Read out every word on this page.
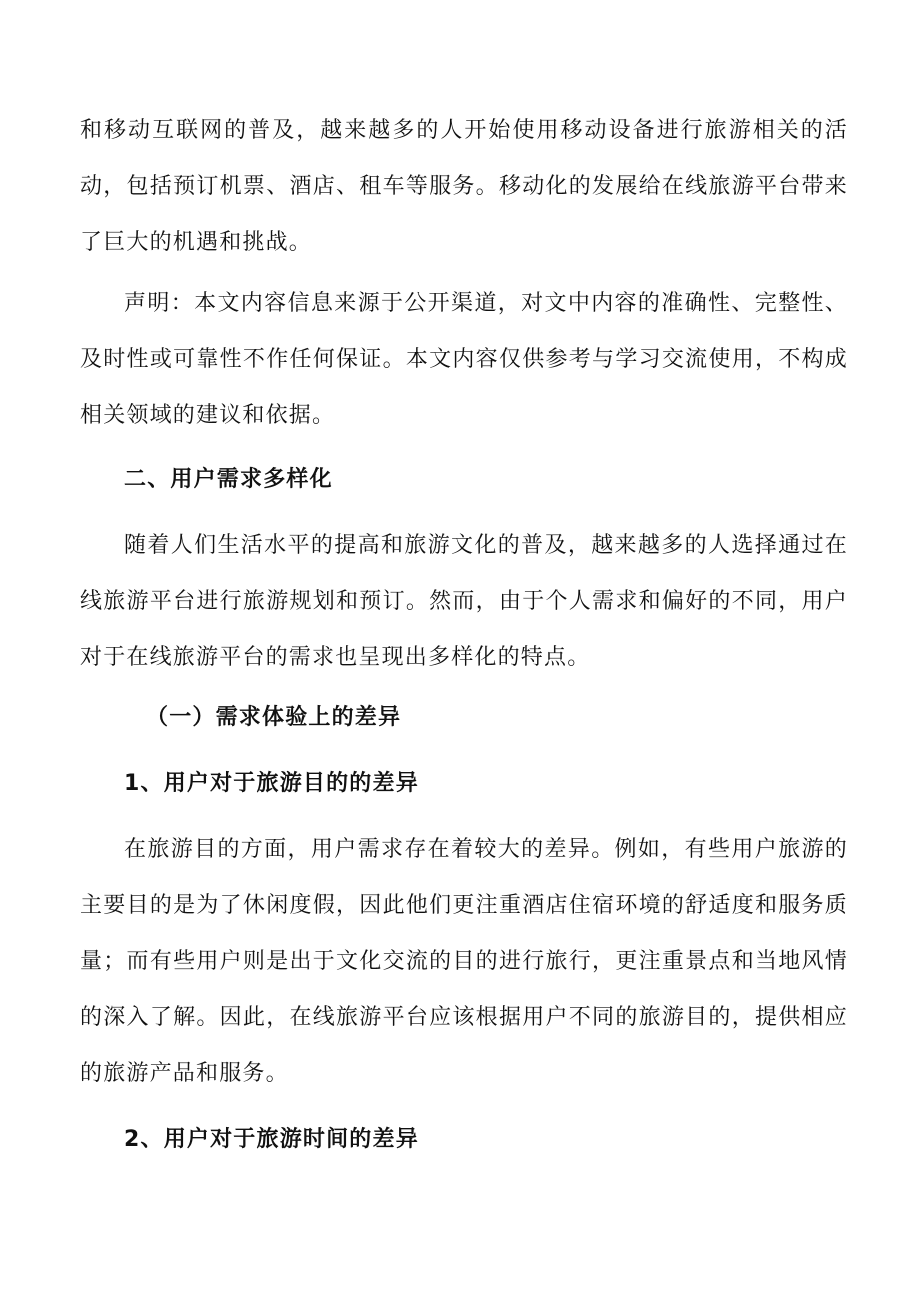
和移动互联网的普及，越来越多的人开始使用移动设备进行旅游相关的活动，包括预订机票、酒店、租车等服务。移动化的发展给在线旅游平台带来了巨大的机遇和挑战。

声明：本文内容信息来源于公开渠道，对文中内容的准确性、完整性、及时性或可靠性不作任何保证。本文内容仅供参考与学习交流使用，不构成相关领域的建议和依据。

二、用户需求多样化

随着人们生活水平的提高和旅游文化的普及，越来越多的人选择通过在线旅游平台进行旅游规划和预订。然而，由于个人需求和偏好的不同，用户对于在线旅游平台的需求也呈现出多样化的特点。

（一）需求体验上的差异
1、用户对于旅游目的的差异

在旅游目的方面，用户需求存在着较大的差异。例如，有些用户旅游的主要目的是为了休闲度假，因此他们更注重酒店住宿环境的舒适度和服务质量；而有些用户则是出于文化交流的目的进行旅行，更注重景点和当地风情的深入了解。因此，在线旅游平台应该根据用户不同的旅游目的，提供相应的旅游产品和服务。

2、用户对于旅游时间的差异
